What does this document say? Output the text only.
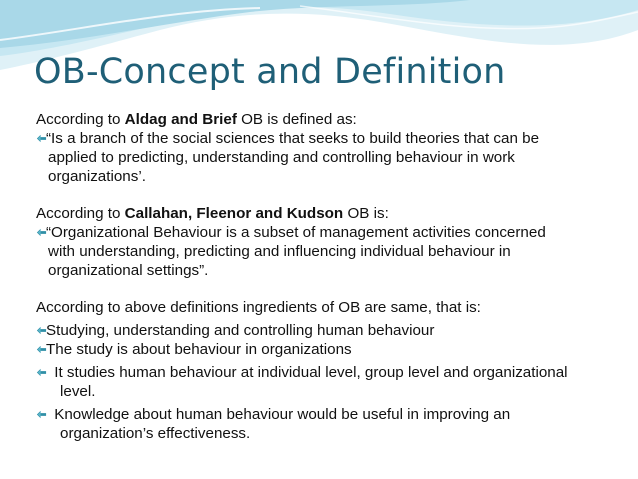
OB-Concept and Definition

According to Aldag and Brief OB is defined as:

“Is a branch of the social sciences that seeks to build theories that can be
applied to predicting, understanding and controlling behaviour in work
organizations’.

According to Callahan, Fleenor and Kudson OB is:

“Organizational Behaviour is a subset of management activities concerned
with understanding, predicting and influencing individual behaviour in
organizational settings”.

According to above definitions ingredients of OB are same, that is:

Studying, understanding and controlling human behaviour
The study is about behaviour in organizations
It studies human behaviour at individual level, group level and organizational
level.
Knowledge about human behaviour would be useful in improving an
organization’s effectiveness.
